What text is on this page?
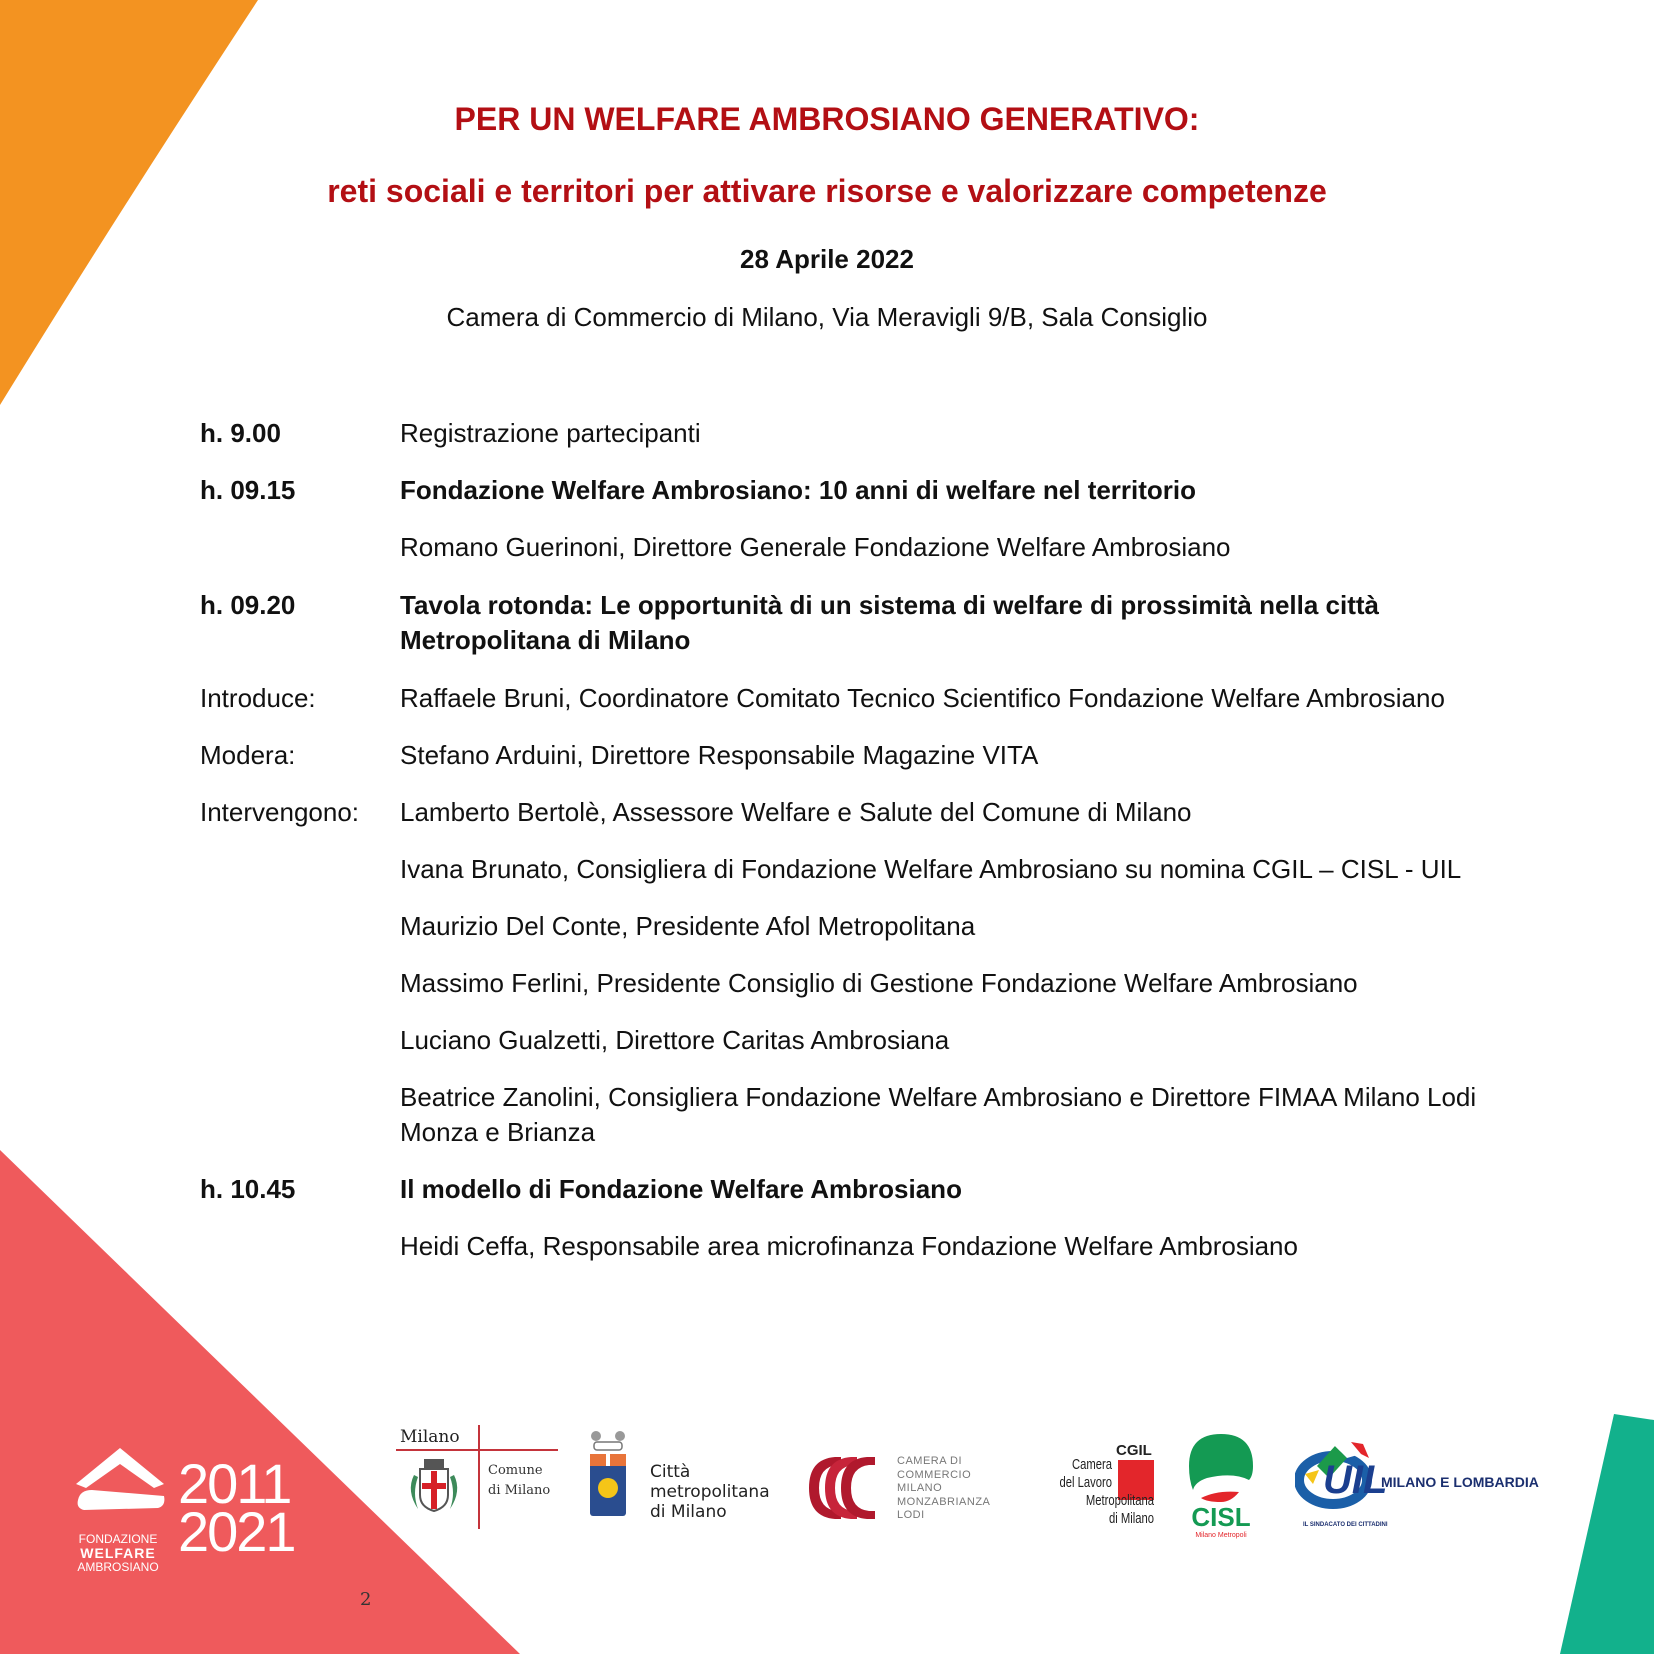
PER UN WELFARE AMBROSIANO GENERATIVO:
reti sociali e territori per attivare risorse e valorizzare competenze
28 Aprile 2022
Camera di Commercio di Milano, Via Meravigli 9/B, Sala Consiglio
h. 9.00	Registrazione partecipanti
h. 09.15	Fondazione Welfare Ambrosiano: 10 anni di welfare nel territorio
Romano Guerinoni, Direttore Generale Fondazione Welfare Ambrosiano
h. 09.20	Tavola rotonda: Le opportunità di un sistema di welfare di prossimità nella città
Metropolitana di Milano
Introduce:	Raffaele Bruni, Coordinatore Comitato Tecnico Scientifico Fondazione Welfare Ambrosiano
Modera:	Stefano Arduini, Direttore Responsabile Magazine VITA
Intervengono: Lamberto Bertolè, Assessore Welfare e Salute del Comune di Milano
Ivana Brunato, Consigliera di Fondazione Welfare Ambrosiano su nomina CGIL – CISL - UIL
Maurizio Del Conte, Presidente Afol Metropolitana
Massimo Ferlini, Presidente Consiglio di Gestione Fondazione Welfare Ambrosiano
Luciano Gualzetti, Direttore Caritas Ambrosiana
Beatrice Zanolini, Consigliera Fondazione Welfare Ambrosiano e Direttore FIMAA Milano Lodi
Monza e Brianza
h. 10.45	Il modello di Fondazione Welfare Ambrosiano
Heidi Ceffa, Responsabile area microfinanza Fondazione Welfare Ambrosiano
FONDAZIONE
WELFARE
AMBROSIANO
2011
2021
2
Milano
Comune
di Milano
Città
metropolitana
di Milano
CAMERA DI
COMMERCIO
MILANO
MONZABRIANZA
LODI
CGIL
Camera
del Lavoro
Metropolitana
di Milano	CISL
Milano Metropoli
UIL
MILANO E LOMBARDIA
IL SINDACATO DEI CITTADINI
